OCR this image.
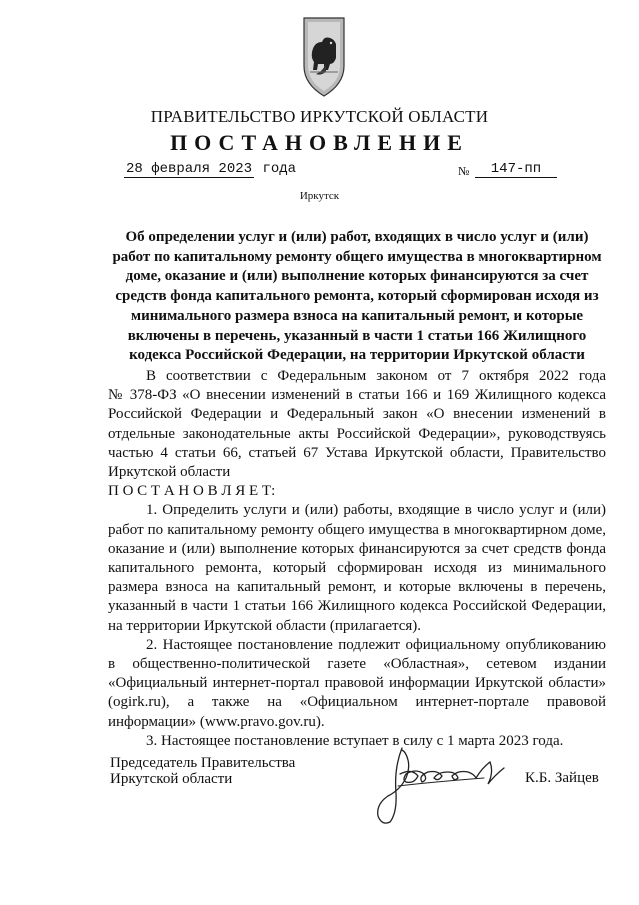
ПРАВИТЕЛЬСТВО ИРКУТСКОЙ ОБЛАСТИ
ПОСТАНОВЛЕНИЕ
28 февраля 2023 года	№	147-пп
Иркутск
Об определении услуг и (или) работ, входящих в число услуг и (или)
работ по капитальному ремонту общего имущества в многоквартирном
доме, оказание и (или) выполнение которых финансируются за счет
средств фонда капитального ремонта, который сформирован исходя из
минимального размера взноса на капитальный ремонт, и которые
включены в перечень, указанный в части 1 статьи 166 Жилищного
кодекса Российской Федерации, на территории Иркутской области
В соответствии с Федеральным законом от 7 октября 2022 года
№ 378-ФЗ «О внесении изменений в статьи 166 и 169 Жилищного кодекса
Российской Федерации и Федеральный закон «О внесении изменений в
отдельные законодательные акты Российской Федерации», руководствуясь
частью 4 статьи 66, статьей 67 Устава Иркутской области, Правительство
Иркутской области
П О С Т А Н О В Л Я Е Т:
1. Определить услуги и (или) работы, входящие в число услуг и (или)
работ по капитальному ремонту общего имущества в многоквартирном доме,
оказание и (или) выполнение которых финансируются за счет средств фонда
капитального ремонта, который сформирован исходя из минимального
размера взноса на капитальный ремонт, и которые включены в перечень,
указанный в части 1 статьи 166 Жилищного кодекса Российской Федерации,
на территории Иркутской области (прилагается).
2. Настоящее постановление подлежит официальному опубликованию
в общественно-политической газете «Областная», сетевом издании
«Официальный интернет-портал правовой информации Иркутской области»
(ogirk.ru), а также на «Официальном интернет-портале правовой
информации» (www.pravo.gov.ru).
3. Настоящее постановление вступает в силу с 1 марта 2023 года.
Председатель Правительства
Иркутской области	К.Б. Зайцев
